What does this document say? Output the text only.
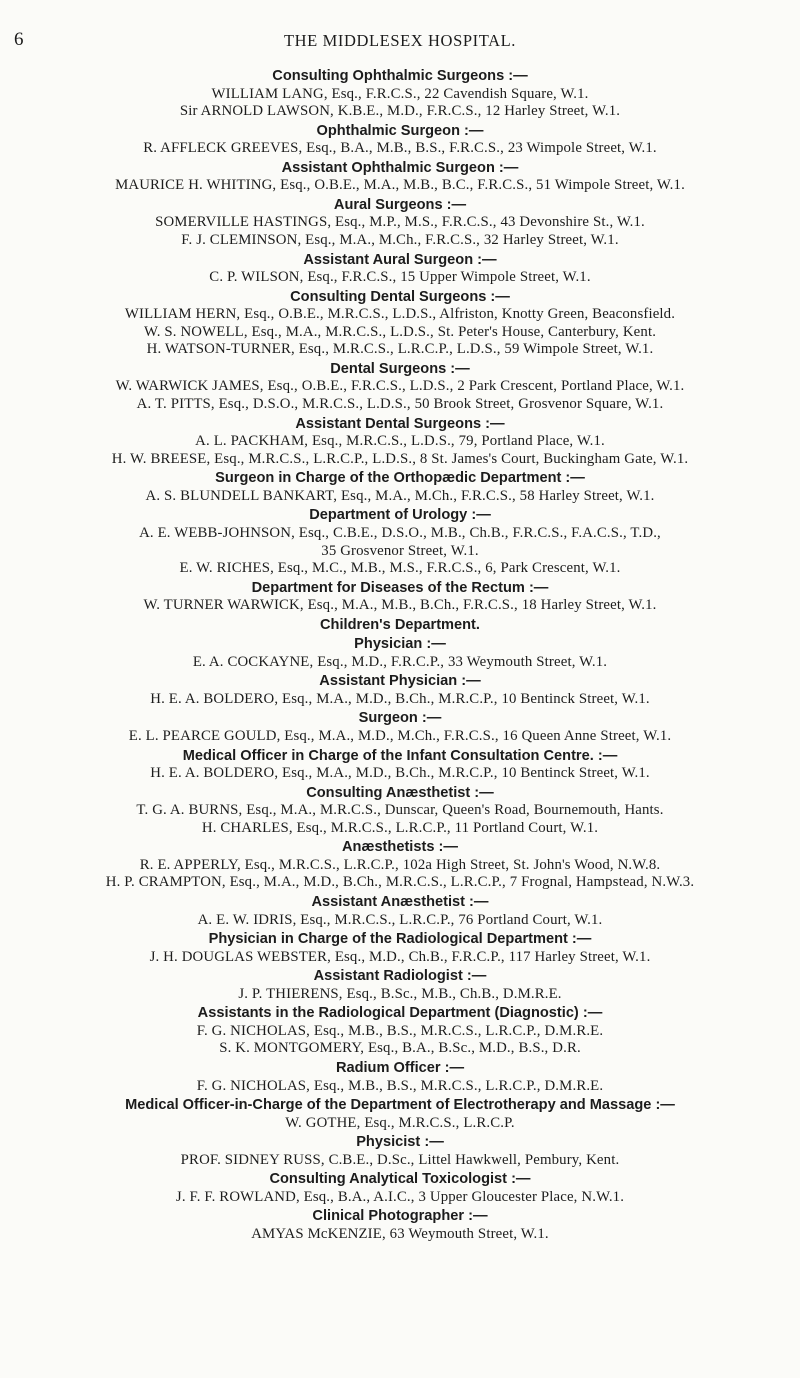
6	THE MIDDLESEX HOSPITAL.
Consulting Ophthalmic Surgeons :—
WILLIAM LANG, Esq., F.R.C.S., 22 Cavendish Square, W.1.
Sir ARNOLD LAWSON, K.B.E., M.D., F.R.C.S., 12 Harley Street, W.1.
Ophthalmic Surgeon :—
R. AFFLECK GREEVES, Esq., B.A., M.B., B.S., F.R.C.S., 23 Wimpole Street, W.1.
Assistant Ophthalmic Surgeon :—
MAURICE H. WHITING, Esq., O.B.E., M.A., M.B., B.C., F.R.C.S., 51 Wimpole Street, W.1.
Aural Surgeons :—
SOMERVILLE HASTINGS, Esq., M.P., M.S., F.R.C.S., 43 Devonshire St., W.1.
F. J. CLEMINSON, Esq., M.A., M.Ch., F.R.C.S., 32 Harley Street, W.1.
Assistant Aural Surgeon :—
C. P. WILSON, Esq., F.R.C.S., 15 Upper Wimpole Street, W.1.
Consulting Dental Surgeons :—
WILLIAM HERN, Esq., O.B.E., M.R.C.S., L.D.S., Alfriston, Knotty Green, Beaconsfield.
W. S. NOWELL, Esq., M.A., M.R.C.S., L.D.S., St. Peter's House, Canterbury, Kent.
H. WATSON-TURNER, Esq., M.R.C.S., L.R.C.P., L.D.S., 59 Wimpole Street, W.1.
Dental Surgeons :—
W. WARWICK JAMES, Esq., O.B.E., F.R.C.S., L.D.S., 2 Park Crescent, Portland Place, W.1.
A. T. PITTS, Esq., D.S.O., M.R.C.S., L.D.S., 50 Brook Street, Grosvenor Square, W.1.
Assistant Dental Surgeons :—
A. L. PACKHAM, Esq., M.R.C.S., L.D.S., 79, Portland Place, W.1.
H. W. BREESE, Esq., M.R.C.S., L.R.C.P., L.D.S., 8 St. James's Court, Buckingham Gate, W.1.
Surgeon in Charge of the Orthopædic Department :—
A. S. BLUNDELL BANKART, Esq., M.A., M.Ch., F.R.C.S., 58 Harley Street, W.1.
Department of Urology :—
A. E. WEBB-JOHNSON, Esq., C.B.E., D.S.O., M.B., Ch.B., F.R.C.S., F.A.C.S., T.D.,
35 Grosvenor Street, W.1.
E. W. RICHES, Esq., M.C., M.B., M.S., F.R.C.S., 6, Park Crescent, W.1.
Department for Diseases of the Rectum :—
W. TURNER WARWICK, Esq., M.A., M.B., B.Ch., F.R.C.S., 18 Harley Street, W.1.
Children's Department.
Physician :—
E. A. COCKAYNE, Esq., M.D., F.R.C.P., 33 Weymouth Street, W.1.
Assistant Physician :—
H. E. A. BOLDERO, Esq., M.A., M.D., B.Ch., M.R.C.P., 10 Bentinck Street, W.1.
Surgeon :—
E. L. PEARCE GOULD, Esq., M.A., M.D., M.Ch., F.R.C.S., 16 Queen Anne Street, W.1.
Medical Officer in Charge of the Infant Consultation Centre. :—
H. E. A. BOLDERO, Esq., M.A., M.D., B.Ch., M.R.C.P., 10 Bentinck Street, W.1.
Consulting Anæsthetist :—
T. G. A. BURNS, Esq., M.A., M.R.C.S., Dunscar, Queen's Road, Bournemouth, Hants.
H. CHARLES, Esq., M.R.C.S., L.R.C.P., 11 Portland Court, W.1.
Anæsthetists :—
R. E. APPERLY, Esq., M.R.C.S., L.R.C.P., 102a High Street, St. John's Wood, N.W.8.
H. P. CRAMPTON, Esq., M.A., M.D., B.Ch., M.R.C.S., L.R.C.P., 7 Frognal, Hampstead, N.W.3.
Assistant Anæsthetist :—
A. E. W. IDRIS, Esq., M.R.C.S., L.R.C.P., 76 Portland Court, W.1.
Physician in Charge of the Radiological Department :—
J. H. DOUGLAS WEBSTER, Esq., M.D., Ch.B., F.R.C.P., 117 Harley Street, W.1.
Assistant Radiologist :—
J. P. THIERENS, Esq., B.Sc., M.B., Ch.B., D.M.R.E.
Assistants in the Radiological Department (Diagnostic) :—
F. G. NICHOLAS, Esq., M.B., B.S., M.R.C.S., L.R.C.P., D.M.R.E.
S. K. MONTGOMERY, Esq., B.A., B.Sc., M.D., B.S., D.R.
Radium Officer :—
F. G. NICHOLAS, Esq., M.B., B.S., M.R.C.S., L.R.C.P., D.M.R.E.
Medical Officer-in-Charge of the Department of Electrotherapy and Massage :—
W. GOTHE, Esq., M.R.C.S., L.R.C.P.
Physicist :—
PROF. SIDNEY RUSS, C.B.E., D.Sc., Littel Hawkwell, Pembury, Kent.
Consulting Analytical Toxicologist :—
J. F. F. ROWLAND, Esq., B.A., A.I.C., 3 Upper Gloucester Place, N.W.1.
Clinical Photographer :—
AMYAS McKENZIE, 63 Weymouth Street, W.1.
